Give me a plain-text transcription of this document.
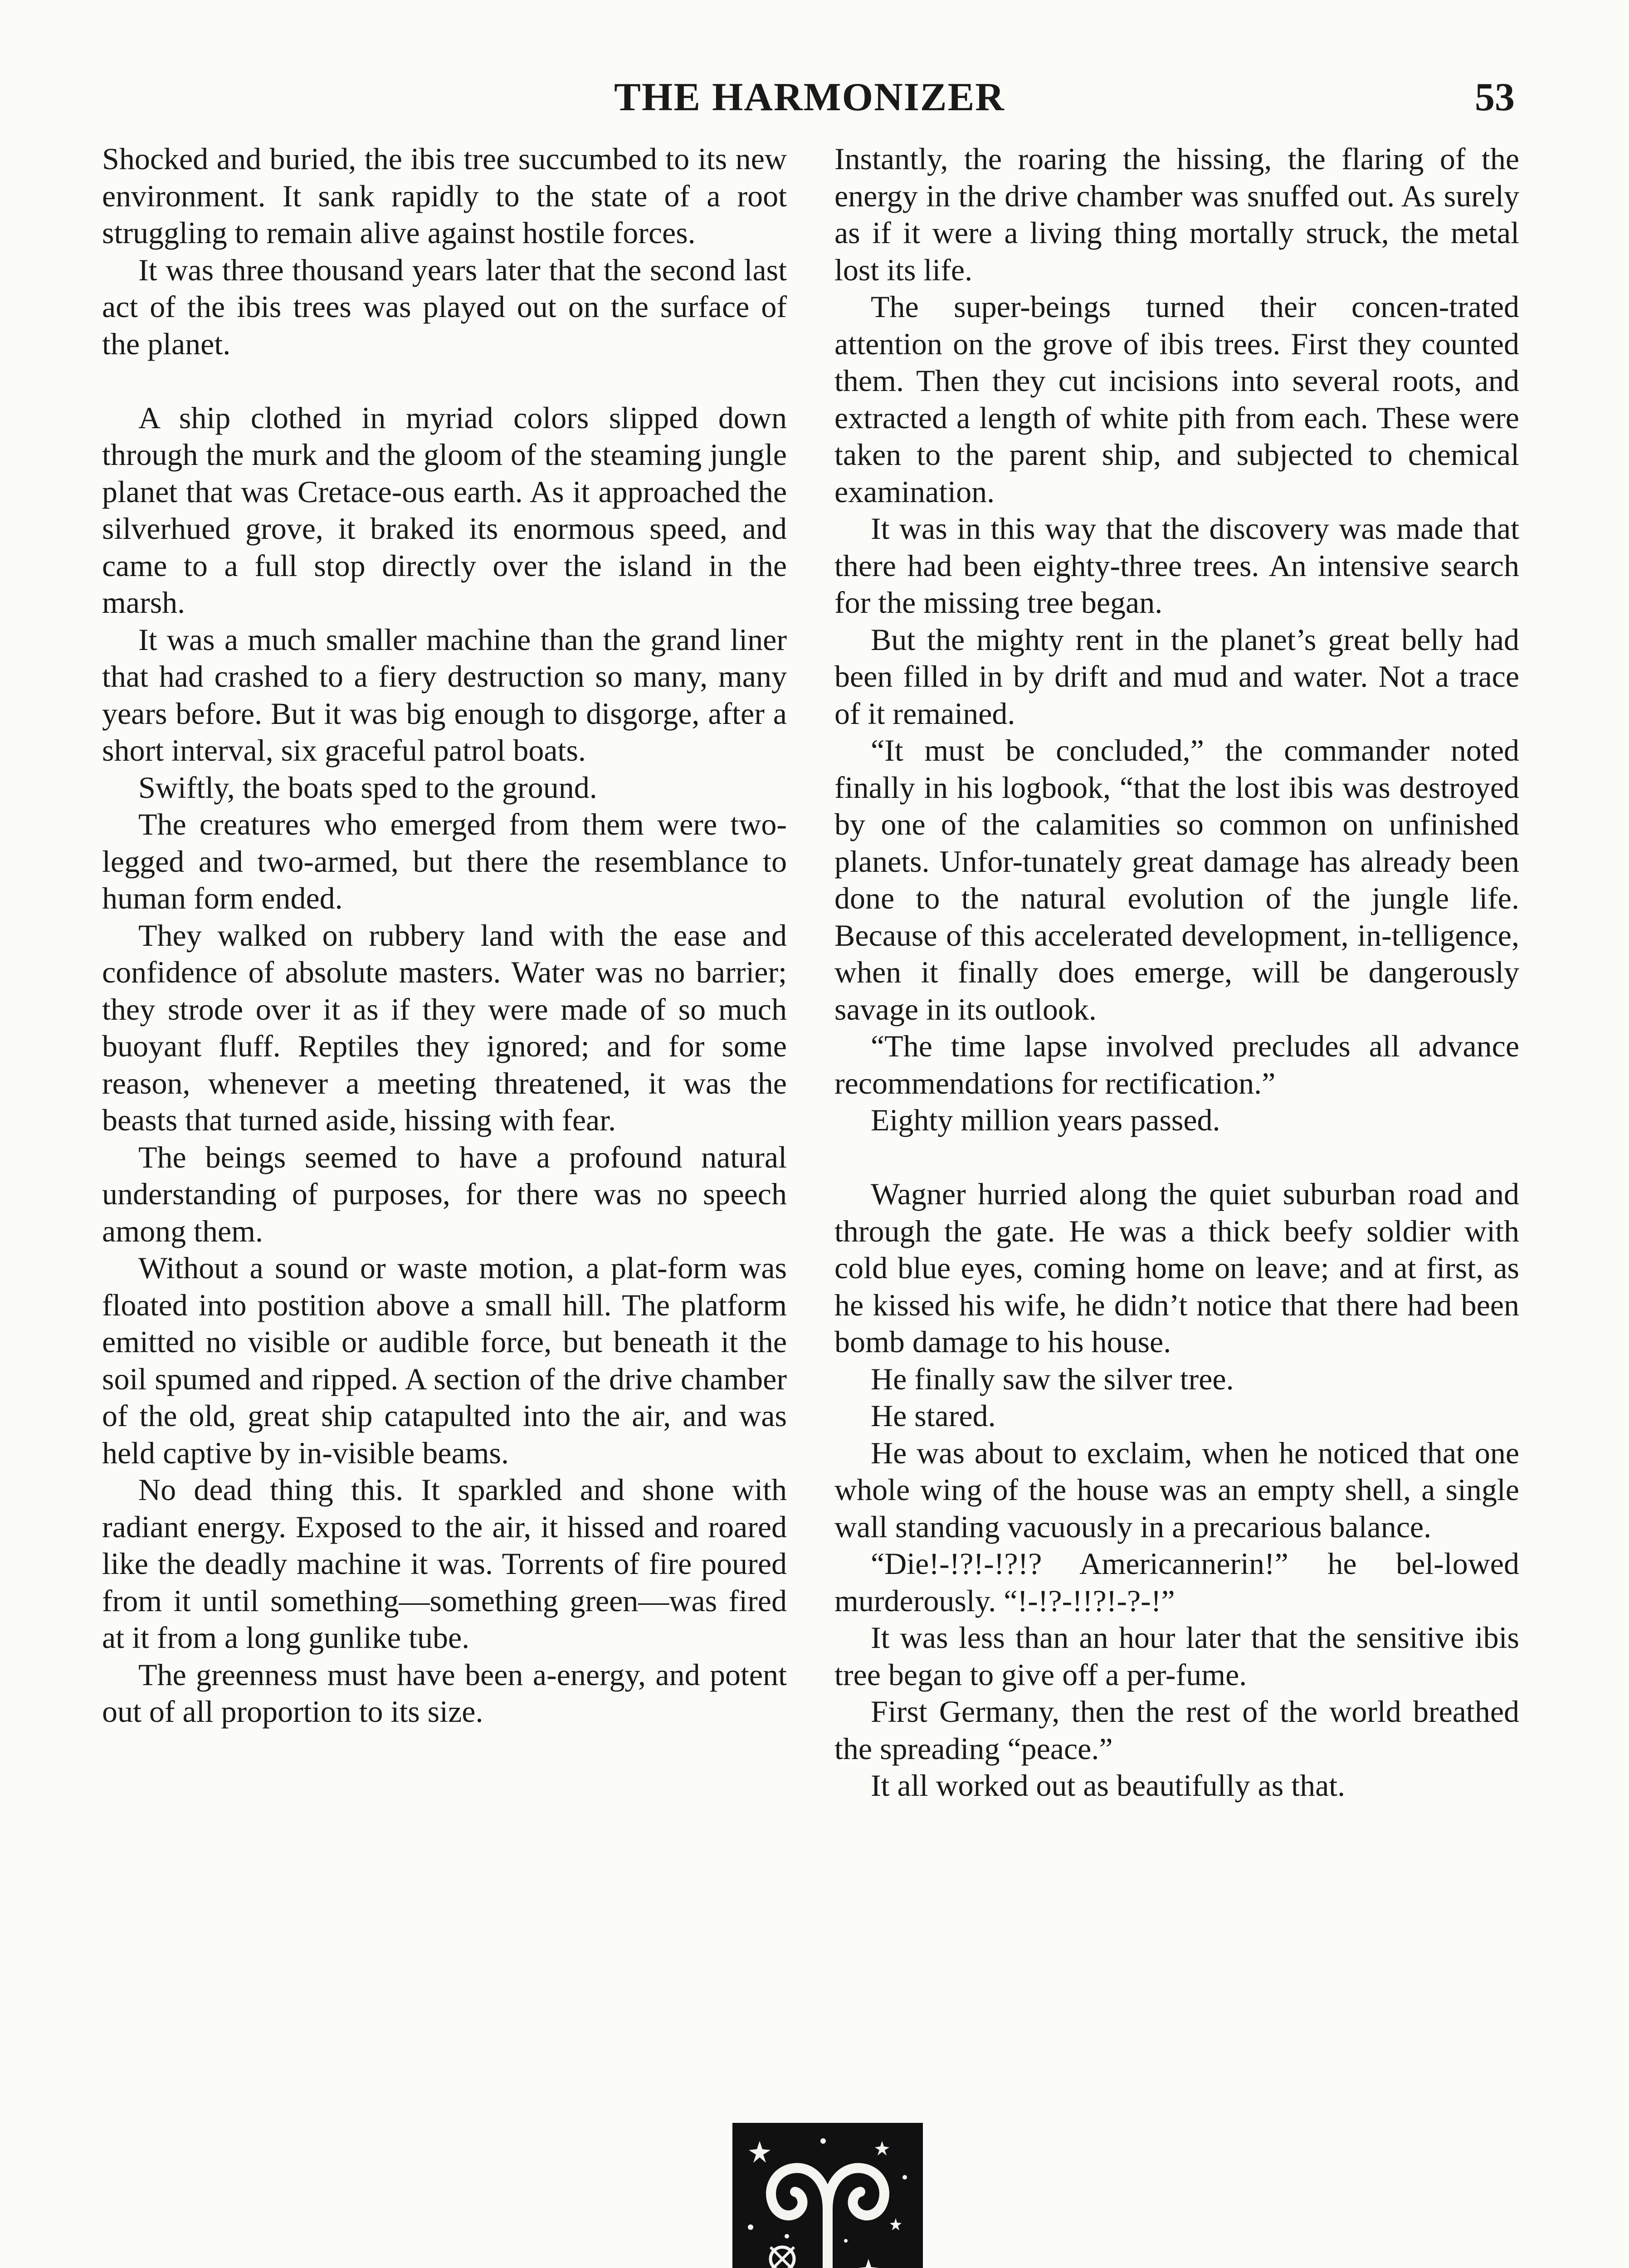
THE HARMONIZER	53

Shocked and buried, the ibis tree succumbed to its new environment. It sank rapidly to the state of a root struggling to remain alive against hostile forces.

It was three thousand years later that the second last act of the ibis trees was played out on the surface of the planet.

A ship clothed in myriad colors slipped down through the murk and the gloom of the steaming jungle planet that was Cretace-ous earth. As it approached the silverhued grove, it braked its enormous speed, and came to a full stop directly over the island in the marsh.

It was a much smaller machine than the grand liner that had crashed to a fiery destruction so many, many years before. But it was big enough to disgorge, after a short interval, six graceful patrol boats.

Swiftly, the boats sped to the ground.

The creatures who emerged from them were two-legged and two-armed, but there the resemblance to human form ended.

They walked on rubbery land with the ease and confidence of absolute masters. Water was no barrier; they strode over it as if they were made of so much buoyant fluff. Reptiles they ignored; and for some reason, whenever a meeting threatened, it was the beasts that turned aside, hissing with fear.

The beings seemed to have a profound natural understanding of purposes, for there was no speech among them.

Without a sound or waste motion, a plat-form was floated into postition above a small hill. The platform emitted no visible or audible force, but beneath it the soil spumed and ripped. A section of the drive chamber of the old, great ship catapulted into the air, and was held captive by in-visible beams.

No dead thing this. It sparkled and shone with radiant energy. Exposed to the air, it hissed and roared like the deadly machine it was. Torrents of fire poured from it until something—something green—was fired at it from a long gunlike tube.

The greenness must have been a-energy, and potent out of all proportion to its size.

Instantly, the roaring the hissing, the flaring of the energy in the drive chamber was snuffed out. As surely as if it were a living thing mortally struck, the metal lost its life.

The super-beings turned their concen-trated attention on the grove of ibis trees. First they counted them. Then they cut incisions into several roots, and extracted a length of white pith from each. These were taken to the parent ship, and subjected to chemical examination.

It was in this way that the discovery was made that there had been eighty-three trees. An intensive search for the missing tree began.

But the mighty rent in the planet’s great belly had been filled in by drift and mud and water. Not a trace of it remained.

“It must be concluded,” the commander noted finally in his logbook, “that the lost ibis was destroyed by one of the calamities so common on unfinished planets. Unfor-tunately great damage has already been done to the natural evolution of the jungle life. Because of this accelerated development, in-telligence, when it finally does emerge, will be dangerously savage in its outlook.

“The time lapse involved precludes all advance recommendations for rectification.”

Eighty million years passed.

Wagner hurried along the quiet suburban road and through the gate. He was a thick beefy soldier with cold blue eyes, coming home on leave; and at first, as he kissed his wife, he didn’t notice that there had been bomb damage to his house.

He finally saw the silver tree.

He stared.

He was about to exclaim, when he noticed that one whole wing of the house was an empty shell, a single wall standing vacuously in a precarious balance.

“Die!-!?!-!?!? Americannerin!” he bel-lowed murderously. “!-!?-!!?!-?-!”

It was less than an hour later that the sensitive ibis tree began to give off a per-fume.

First Germany, then the rest of the world breathed the spreading “peace.”

It all worked out as beautifully as that.
